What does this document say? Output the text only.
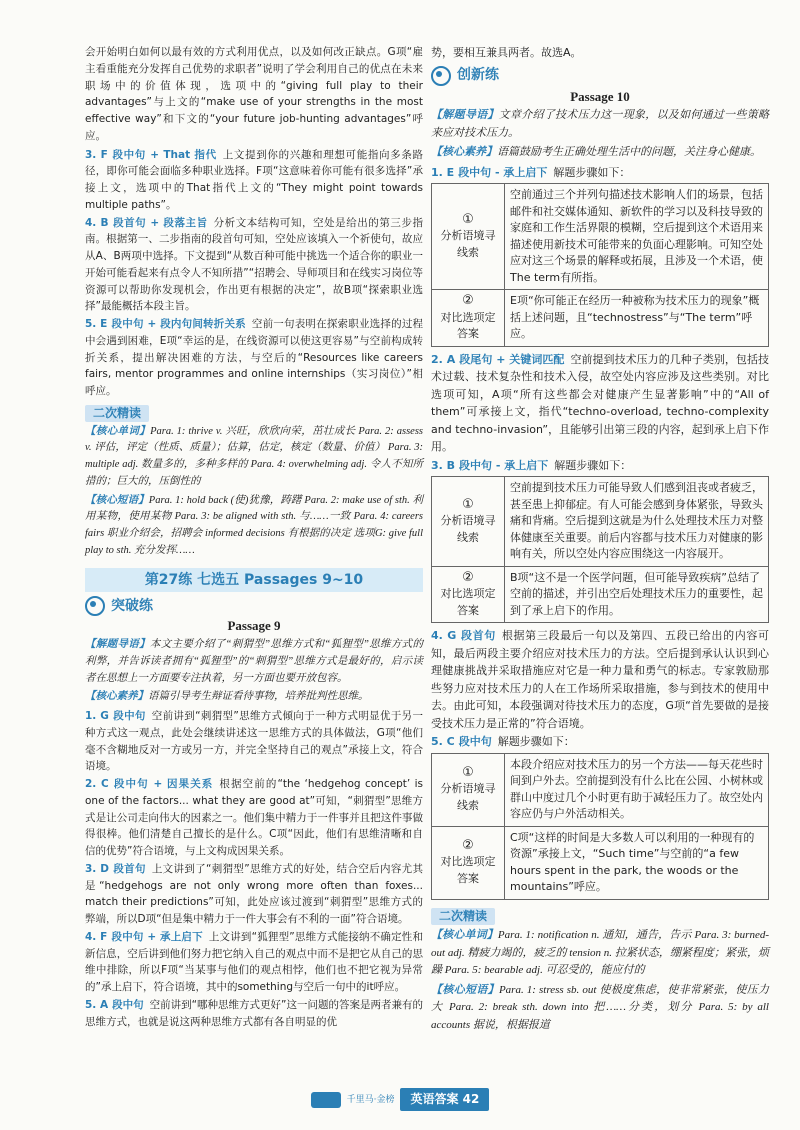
会开始明白如何以最有效的方式利用优点，以及如何改正缺点。G项“雇主看重能充分发挥自己优势的求职者”说明了学会利用自己的优点在未来职场中的价值体现，选项中的“giving full play to their advantages”与上文的“make use of your strengths in the most effective way”和下文的“your future job-hunting advantages”呼应。

3. F 段中句 + That 指代 上文提到你的兴趣和理想可能指向多条路径，即你可能会面临多种职业选择。F项“这意味着你可能有很多选择”承接上文，选项中的That指代上文的“They might point towards multiple paths”。

4. B 段首句 + 段落主旨 分析文本结构可知，空处是给出的第三步指南。根据第一、二步指南的段首句可知，空处应该填入一个祈使句，故应从A、B两项中选择。下文提到“从数百种可能中挑选一个适合你的职业一开始可能看起来有点令人不知所措”“招聘会、导师项目和在线实习岗位等资源可以帮助你发现机会，作出更有根据的决定”，故B项“探索职业选择”最能概括本段主旨。

5. E 段中句 + 段内句间转折关系 空前一句表明在探索职业选择的过程中会遇到困难，E项“幸运的是，在线资源可以使这更容易”与空前构成转折关系，提出解决困难的方法，与空后的“Resources like careers fairs, mentor programmes and online internships（实习岗位）”相呼应。

二次精读

【核心单词】Para. 1: thrive v. 兴旺，欣欣向荣，茁壮成长 Para. 2: assess v. 评估，评定（性质、质量）；估算，估定，核定（数量、价值） Para. 3: multiple adj. 数量多的，多种多样的 Para. 4: overwhelming adj. 令人不知所措的；巨大的，压倒性的

【核心短语】Para. 1: hold back (使)犹豫，踌躇 Para. 2: make use of sth. 利用某物，使用某物 Para. 3: be aligned with sth. 与……一致 Para. 4: careers fairs 职业介绍会，招聘会 informed decisions 有根据的决定 选项G: give full play to sth. 充分发挥……

第27练 七选五 Passages 9~10
突破练
Passage 9

【解题导语】本文主要介绍了“刺猬型”思维方式和“狐狸型”思维方式的利弊，并告诉读者拥有“狐狸型”的“刺猬型”思维方式是最好的，启示读者在思想上一方面要专注执着，另一方面也要开放包容。

【核心素养】语篇引导考生辩证看待事物，培养批判性思维。

1. G 段中句 空前讲到“刺猬型”思维方式倾向于一种方式明显优于另一种方式这一观点，此处会继续讲述这一思维方式的具体做法，G项“他们毫不含糊地反对一方或另一方，并完全坚持自己的观点”承接上文，符合语境。

2. C 段中句 + 因果关系 根据空前的“the ‘hedgehog concept’ is one of the factors... what they are good at”可知，“刺猬型”思维方式是让公司走向伟大的因素之一。他们集中精力于一件事并且把这件事做得很棒。他们清楚自己擅长的是什么。C项“因此，他们有思维清晰和自信的优势”符合语境，与上文构成因果关系。

3. D 段首句 上文讲到了“刺猬型”思维方式的好处，结合空后内容尤其是“hedgehogs are not only wrong more often than foxes... match their predictions”可知，此处应该过渡到“刺猬型”思维方式的弊端，所以D项“但是集中精力于一件大事会有不利的一面”符合语境。

4. F 段中句 + 承上启下 上文讲到“狐狸型”思维方式能接纳不确定性和新信息，空后讲到他们努力把它纳入自己的观点中而不是把它从自己的思维中排除，所以F项“当某事与他们的观点相悖，他们也不把它视为异常的”承上启下，符合语境，其中的something与空后一句中的it呼应。

5. A 段中句 空前讲到“哪种思维方式更好”这一问题的答案是两者兼有的思维方式，也就是说这两种思维方式都有各自明显的优

势，要相互兼具两者。故选A。

创新练
Passage 10

【解题导语】文章介绍了技术压力这一现象，以及如何通过一些策略来应对技术压力。

【核心素养】语篇鼓励考生正确处理生活中的问题，关注身心健康。

1. E 段中句 - 承上启下 解题步骤如下：

①
分析语境寻线索	空前通过三个并列句描述技术影响人们的场景，包括邮件和社交媒体通知、新软件的学习以及科技导致的家庭和工作生活界限的模糊，空后提到这个术语用来描述使用新技术可能带来的负面心理影响。可知空处应对这三个场景的解释或拓展，且涉及一个术语，使The term有所指。

②
对比选项定答案	E项“你可能正在经历一种被称为技术压力的现象”概括上述问题，且“technostress”与“The term”呼应。

2. A 段尾句 + 关键词匹配 空前提到技术压力的几种子类别，包括技术过载、技术复杂性和技术入侵，故空处内容应涉及这些类别。对比选项可知，A项“所有这些都会对健康产生显著影响”中的“All of them”可承接上文，指代“techno-overload, techno-complexity and techno-invasion”，且能够引出第三段的内容，起到承上启下作用。

3. B 段中句 - 承上启下 解题步骤如下：

①
分析语境寻线索	空前提到技术压力可能导致人们感到沮丧或者疲乏，甚至患上抑郁症。有人可能会感到身体紧张，导致头痛和背痛。空后提到这就是为什么处理技术压力对整体健康至关重要。前后内容都与技术压力对健康的影响有关，所以空处内容应围绕这一内容展开。

②
对比选项定答案	B项“这不是一个医学问题，但可能导致疾病”总结了空前的描述，并引出空后处理技术压力的重要性，起到了承上启下的作用。

4. G 段首句 根据第三段最后一句以及第四、五段已给出的内容可知，最后两段主要介绍应对技术压力的方法。空后提到承认认识到心理健康挑战并采取措施应对它是一种力量和勇气的标志。专家敦励那些努力应对技术压力的人在工作场所采取措施，参与到技术的使用中去。由此可知，本段强调对待技术压力的态度，G项“首先要做的是接受技术压力是正常的”符合语境。

5. C 段中句 解题步骤如下：

①
分析语境寻线索	本段介绍应对技术压力的另一个方法——每天花些时间到户外去。空前提到没有什么比在公园、小树林或群山中度过几个小时更有助于减轻压力了。故空处内容应仍与户外活动相关。

②
对比选项定答案	C项“这样的时间是大多数人可以利用的一种现有的资源”承接上文，“Such time”与空前的“a few hours spent in the park, the woods or the mountains”呼应。
二次精读

【核心单词】Para. 1: notification n. 通知，通告，告示 Para. 3: burned-out adj. 精疲力竭的，疲乏的 tension n. 拉紧状态，绷紧程度；紧张，烦躁 Para. 5: bearable adj. 可忍受的，能应付的

【核心短语】Para. 1: stress sb. out 使极度焦虑，使非常紧张，使压力大 Para. 2: break sth. down into 把……分类，划分 Para. 5: by all accounts 据说，根据报道

千里马·金榜 英语答案 42
